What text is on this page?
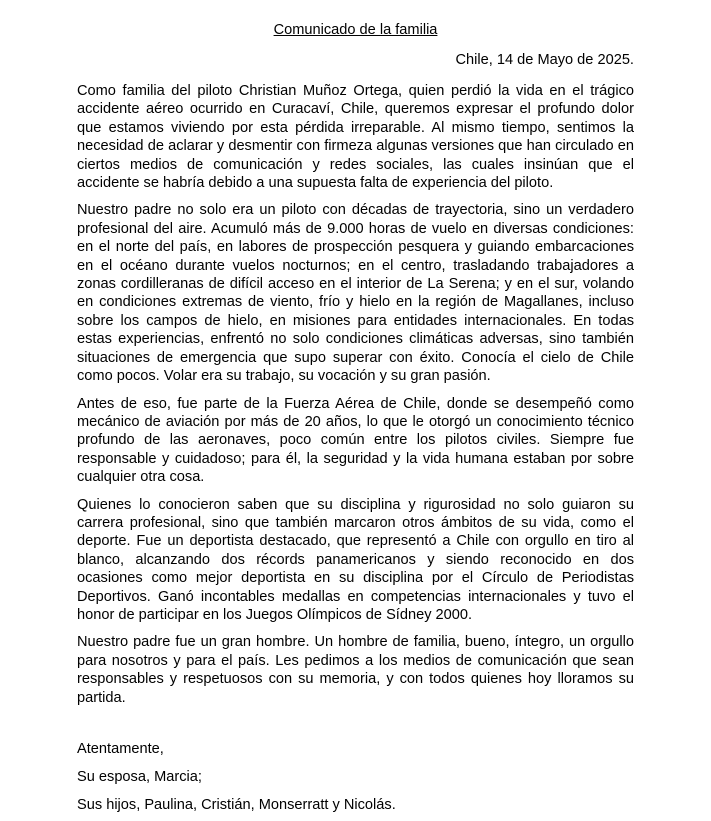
Comunicado de la familia
Chile, 14 de Mayo de 2025.

Como familia del piloto Christian Muñoz Ortega, quien perdió la vida en el trágico accidente aéreo ocurrido en Curacaví, Chile, queremos expresar el profundo dolor que estamos viviendo por esta pérdida irreparable. Al mismo tiempo, sentimos la necesidad de aclarar y desmentir con firmeza algunas versiones que han circulado en ciertos medios de comunicación y redes sociales, las cuales insinúan que el accidente se habría debido a una supuesta falta de experiencia del piloto.

Nuestro padre no solo era un piloto con décadas de trayectoria, sino un verdadero profesional del aire. Acumuló más de 9.000 horas de vuelo en diversas condiciones: en el norte del país, en labores de prospección pesquera y guiando embarcaciones en el océano durante vuelos nocturnos; en el centro, trasladando trabajadores a zonas cordilleranas de difícil acceso en el interior de La Serena; y en el sur, volando en condiciones extremas de viento, frío y hielo en la región de Magallanes, incluso sobre los campos de hielo, en misiones para entidades internacionales. En todas estas experiencias, enfrentó no solo condiciones climáticas adversas, sino también situaciones de emergencia que supo superar con éxito. Conocía el cielo de Chile como pocos. Volar era su trabajo, su vocación y su gran pasión.

Antes de eso, fue parte de la Fuerza Aérea de Chile, donde se desempeñó como mecánico de aviación por más de 20 años, lo que le otorgó un conocimiento técnico profundo de las aeronaves, poco común entre los pilotos civiles. Siempre fue responsable y cuidadoso; para él, la seguridad y la vida humana estaban por sobre cualquier otra cosa.

Quienes lo conocieron saben que su disciplina y rigurosidad no solo guiaron su carrera profesional, sino que también marcaron otros ámbitos de su vida, como el deporte. Fue un deportista destacado, que representó a Chile con orgullo en tiro al blanco, alcanzando dos récords panamericanos y siendo reconocido en dos ocasiones como mejor deportista en su disciplina por el Círculo de Periodistas Deportivos. Ganó incontables medallas en competencias internacionales y tuvo el honor de participar en los Juegos Olímpicos de Sídney 2000.

Nuestro padre fue un gran hombre. Un hombre de familia, bueno, íntegro, un orgullo para nosotros y para el país. Les pedimos a los medios de comunicación que sean responsables y respetuosos con su memoria, y con todos quienes hoy lloramos su partida.

Atentamente,
Su esposa, Marcia;
Sus hijos, Paulina, Cristián, Monserratt y Nicolás.
